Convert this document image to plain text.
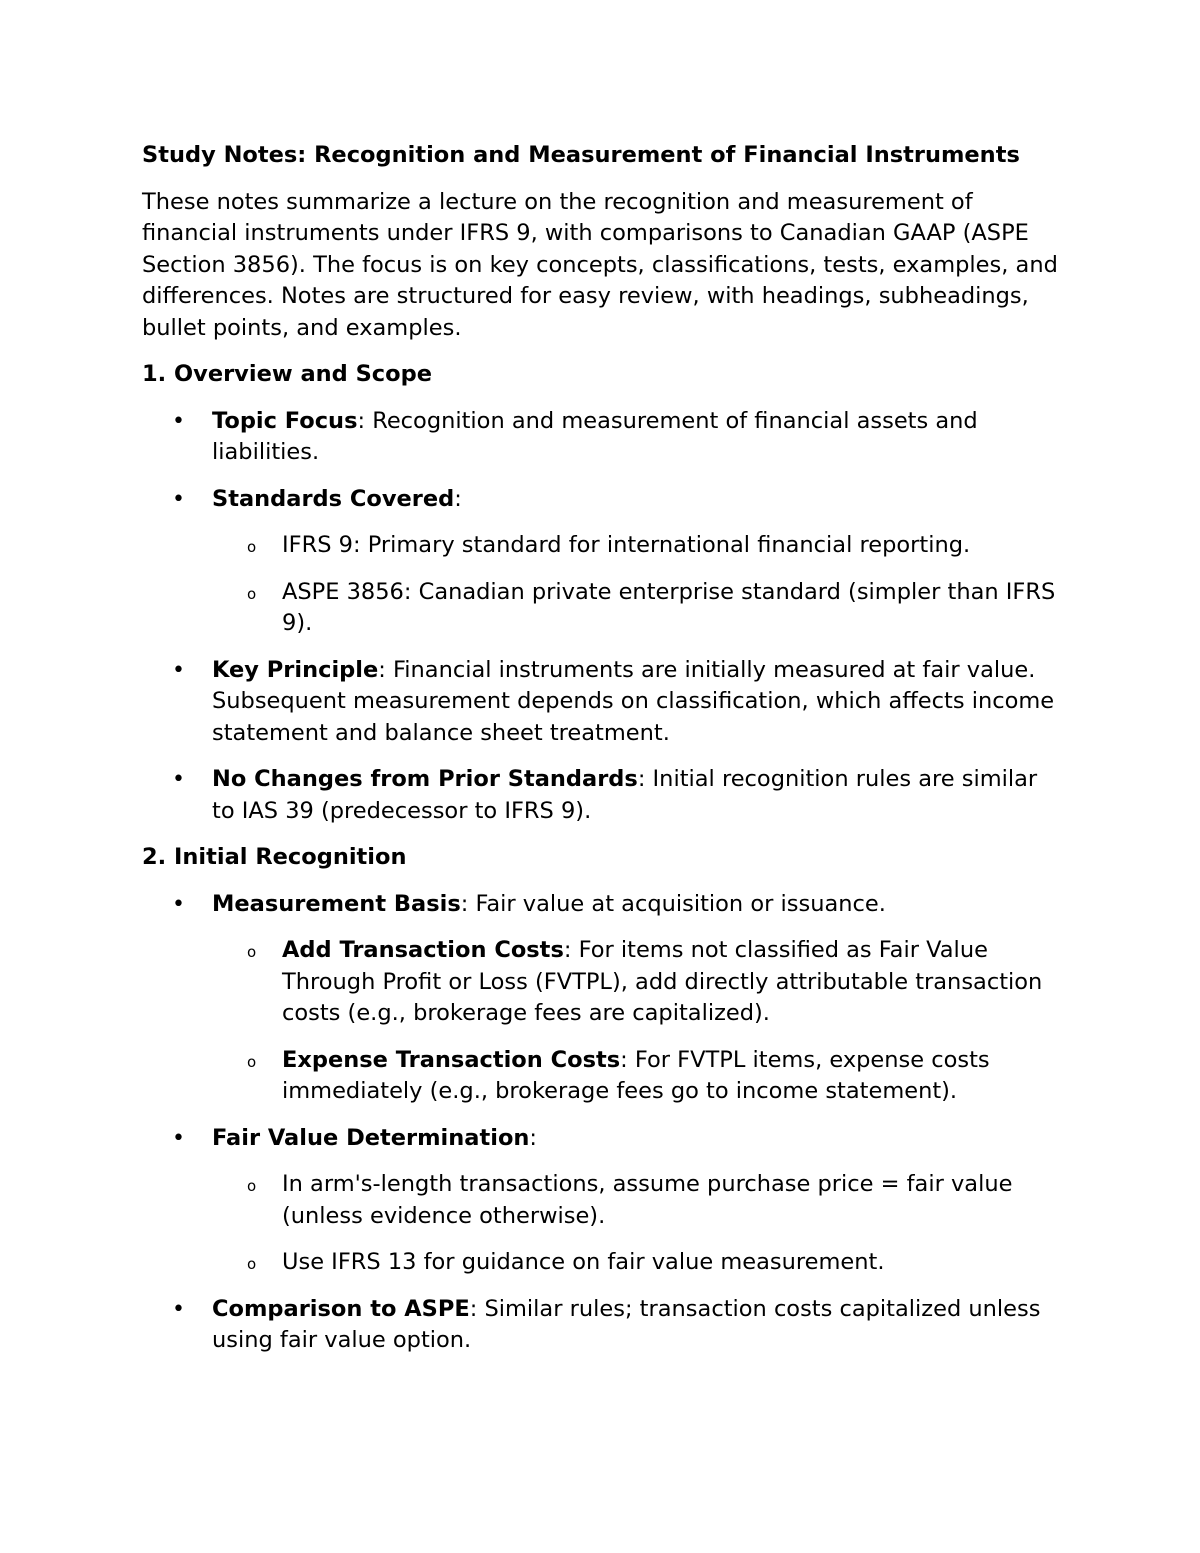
Study Notes: Recognition and Measurement of Financial Instruments
These notes summarize a lecture on the recognition and measurement of financial instruments under IFRS 9, with comparisons to Canadian GAAP (ASPE Section 3856). The focus is on key concepts, classifications, tests, examples, and differences. Notes are structured for easy review, with headings, subheadings, bullet points, and examples.
1. Overview and Scope
• Topic Focus: Recognition and measurement of financial assets and liabilities.
• Standards Covered:
o IFRS 9: Primary standard for international financial reporting.
o ASPE 3856: Canadian private enterprise standard (simpler than IFRS 9).
• Key Principle: Financial instruments are initially measured at fair value. Subsequent measurement depends on classification, which affects income statement and balance sheet treatment.
• No Changes from Prior Standards: Initial recognition rules are similar to IAS 39 (predecessor to IFRS 9).
2. Initial Recognition
• Measurement Basis: Fair value at acquisition or issuance.
o Add Transaction Costs: For items not classified as Fair Value Through Profit or Loss (FVTPL), add directly attributable transaction costs (e.g., brokerage fees are capitalized).
o Expense Transaction Costs: For FVTPL items, expense costs immediately (e.g., brokerage fees go to income statement).
• Fair Value Determination:
o In arm's-length transactions, assume purchase price = fair value (unless evidence otherwise).
o Use IFRS 13 for guidance on fair value measurement.
• Comparison to ASPE: Similar rules; transaction costs capitalized unless using fair value option.
